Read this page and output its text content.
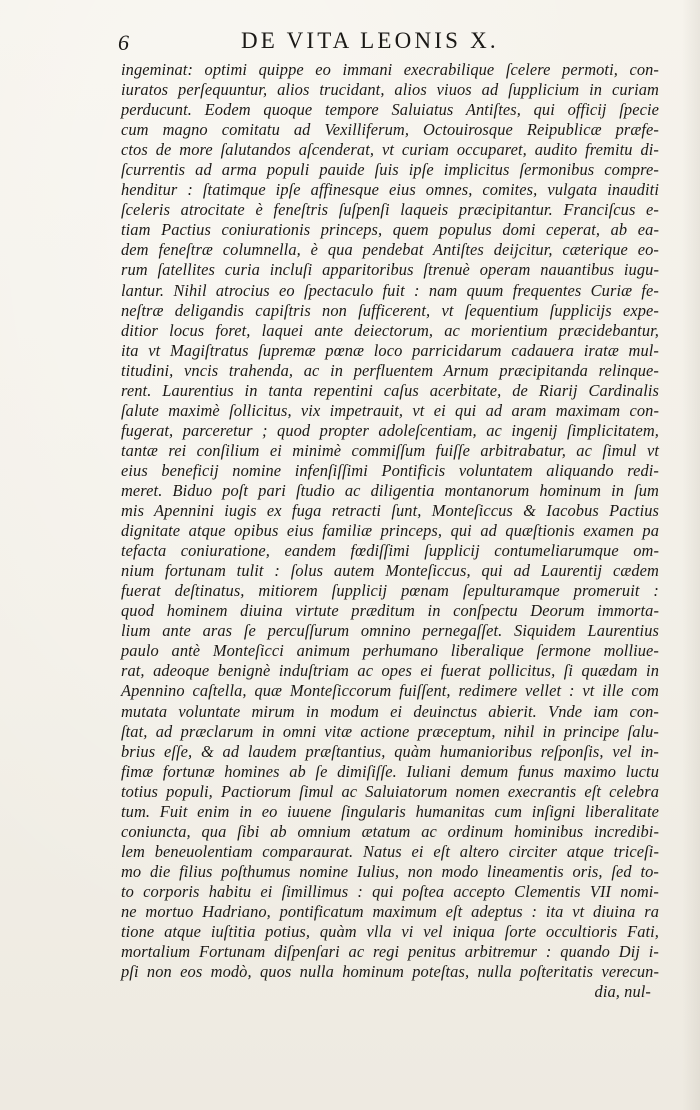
6	DE VITA LEONIS X.
ingeminat: optimi quippe eo immani execrabilique ſcelere permoti, con-
iuratos perſequuntur, alios trucidant, alios viuos ad ſupplicium in curiam
perducunt. Eodem quoque tempore Saluiatus Antiſtes, qui officij ſpecie
cum magno comitatu ad Vexilliferum, Octouirosque Reipublicæ præfe-
ctos de more ſalutandos aſcenderat, vt curiam occuparet, audito fremitu di-
ſcurrentis ad arma populi pauide ſuis ipſe implicitus ſermonibus compre-
henditur : ſtatimque ipſe affinesque eius omnes, comites, vulgata inauditi
ſceleris atrocitate è feneſtris ſuſpenſi laqueis præcipitantur. Franciſcus e-
tiam Pactius coniurationis princeps, quem populus domi ceperat, ab ea-
dem feneſtræ columnella, è qua pendebat Antiſtes deijcitur, cæterique eo-
rum ſatellites curia incluſi apparitoribus ſtrenuè operam nauantibus iugu-
lantur. Nihil atrocius eo ſpectaculo fuit : nam quum frequentes Curiæ fe-
neſtræ deligandis capiſtris non ſufficerent, vt ſequentium ſupplicijs expe-
ditior locus foret, laquei ante deiectorum, ac morientium præcidebantur,
ita vt Magiſtratus ſupremæ pœnæ loco parricidarum cadauera iratæ mul-
titudini, vncis trahenda, ac in perfluentem Arnum præcipitanda relinque-
rent. Laurentius in tanta repentini caſus acerbitate, de Riarij Cardinalis
ſalute maximè ſollicitus, vix impetrauit, vt ei qui ad aram maximam con-
fugerat, parceretur ; quod propter adoleſcentiam, ac ingenij ſimplicitatem,
tantæ rei conſilium ei minimè commiſſum fuiſſe arbitrabatur, ac ſimul vt
eius beneficij nomine infenſiſſimi Pontificis voluntatem aliquando redi-
meret. Biduo poſt pari ſtudio ac diligentia montanorum hominum in ſum
mis Apennini iugis ex fuga retracti ſunt, Monteſiccus & Iacobus Pactius
dignitate atque opibus eius familiæ princeps, qui ad quæſtionis examen pa
tefacta coniuratione, eandem fœdiſſimi ſupplicij contumeliarumque om-
nium fortunam tulit : ſolus autem Monteſiccus, qui ad Laurentij cædem
fuerat deſtinatus, mitiorem ſupplicij pœnam ſepulturamque promeruit :
quod hominem diuina virtute præditum in conſpectu Deorum immorta-
lium ante aras ſe percuſſurum omnino pernegaſſet. Siquidem Laurentius
paulo antè Monteſicci animum perhumano liberalique ſermone molliue-
rat, adeoque benignè induſtriam ac opes ei fuerat pollicitus, ſi quædam in
Apennino caſtella, quæ Monteſiccorum fuiſſent, redimere vellet : vt ille com
mutata voluntate mirum in modum ei deuinctus abierit. Vnde iam con-
ſtat, ad præclarum in omni vitæ actione præceptum, nihil in principe ſalu-
brius eſſe, & ad laudem præſtantius, quàm humanioribus reſponſis, vel in-
fimæ fortunæ homines ab ſe dimiſiſſe. Iuliani demum funus maximo luctu
totius populi, Pactiorum ſimul ac Saluiatorum nomen execrantis eſt celebra
tum. Fuit enim in eo iuuene ſingularis humanitas cum inſigni liberalitate
coniuncta, qua ſibi ab omnium ætatum ac ordinum hominibus incredibi-
lem beneuolentiam comparaurat. Natus ei eſt altero circiter atque triceſi-
mo die filius poſthumus nomine Iulius, non modo lineamentis oris, ſed to-
to corporis habitu ei ſimillimus : qui poſtea accepto Clementis VII nomi-
ne mortuo Hadriano, pontificatum maximum eſt adeptus : ita vt diuina ra
tione atque iuſtitia potius, quàm vlla vi vel iniqua ſorte occultioris Fati,
mortalium Fortunam diſpenſari ac regi penitus arbitremur : quando Dij i-
pſi non eos modò, quos nulla hominum poteſtas, nulla poſteritatis verecun-
dia, nul-
